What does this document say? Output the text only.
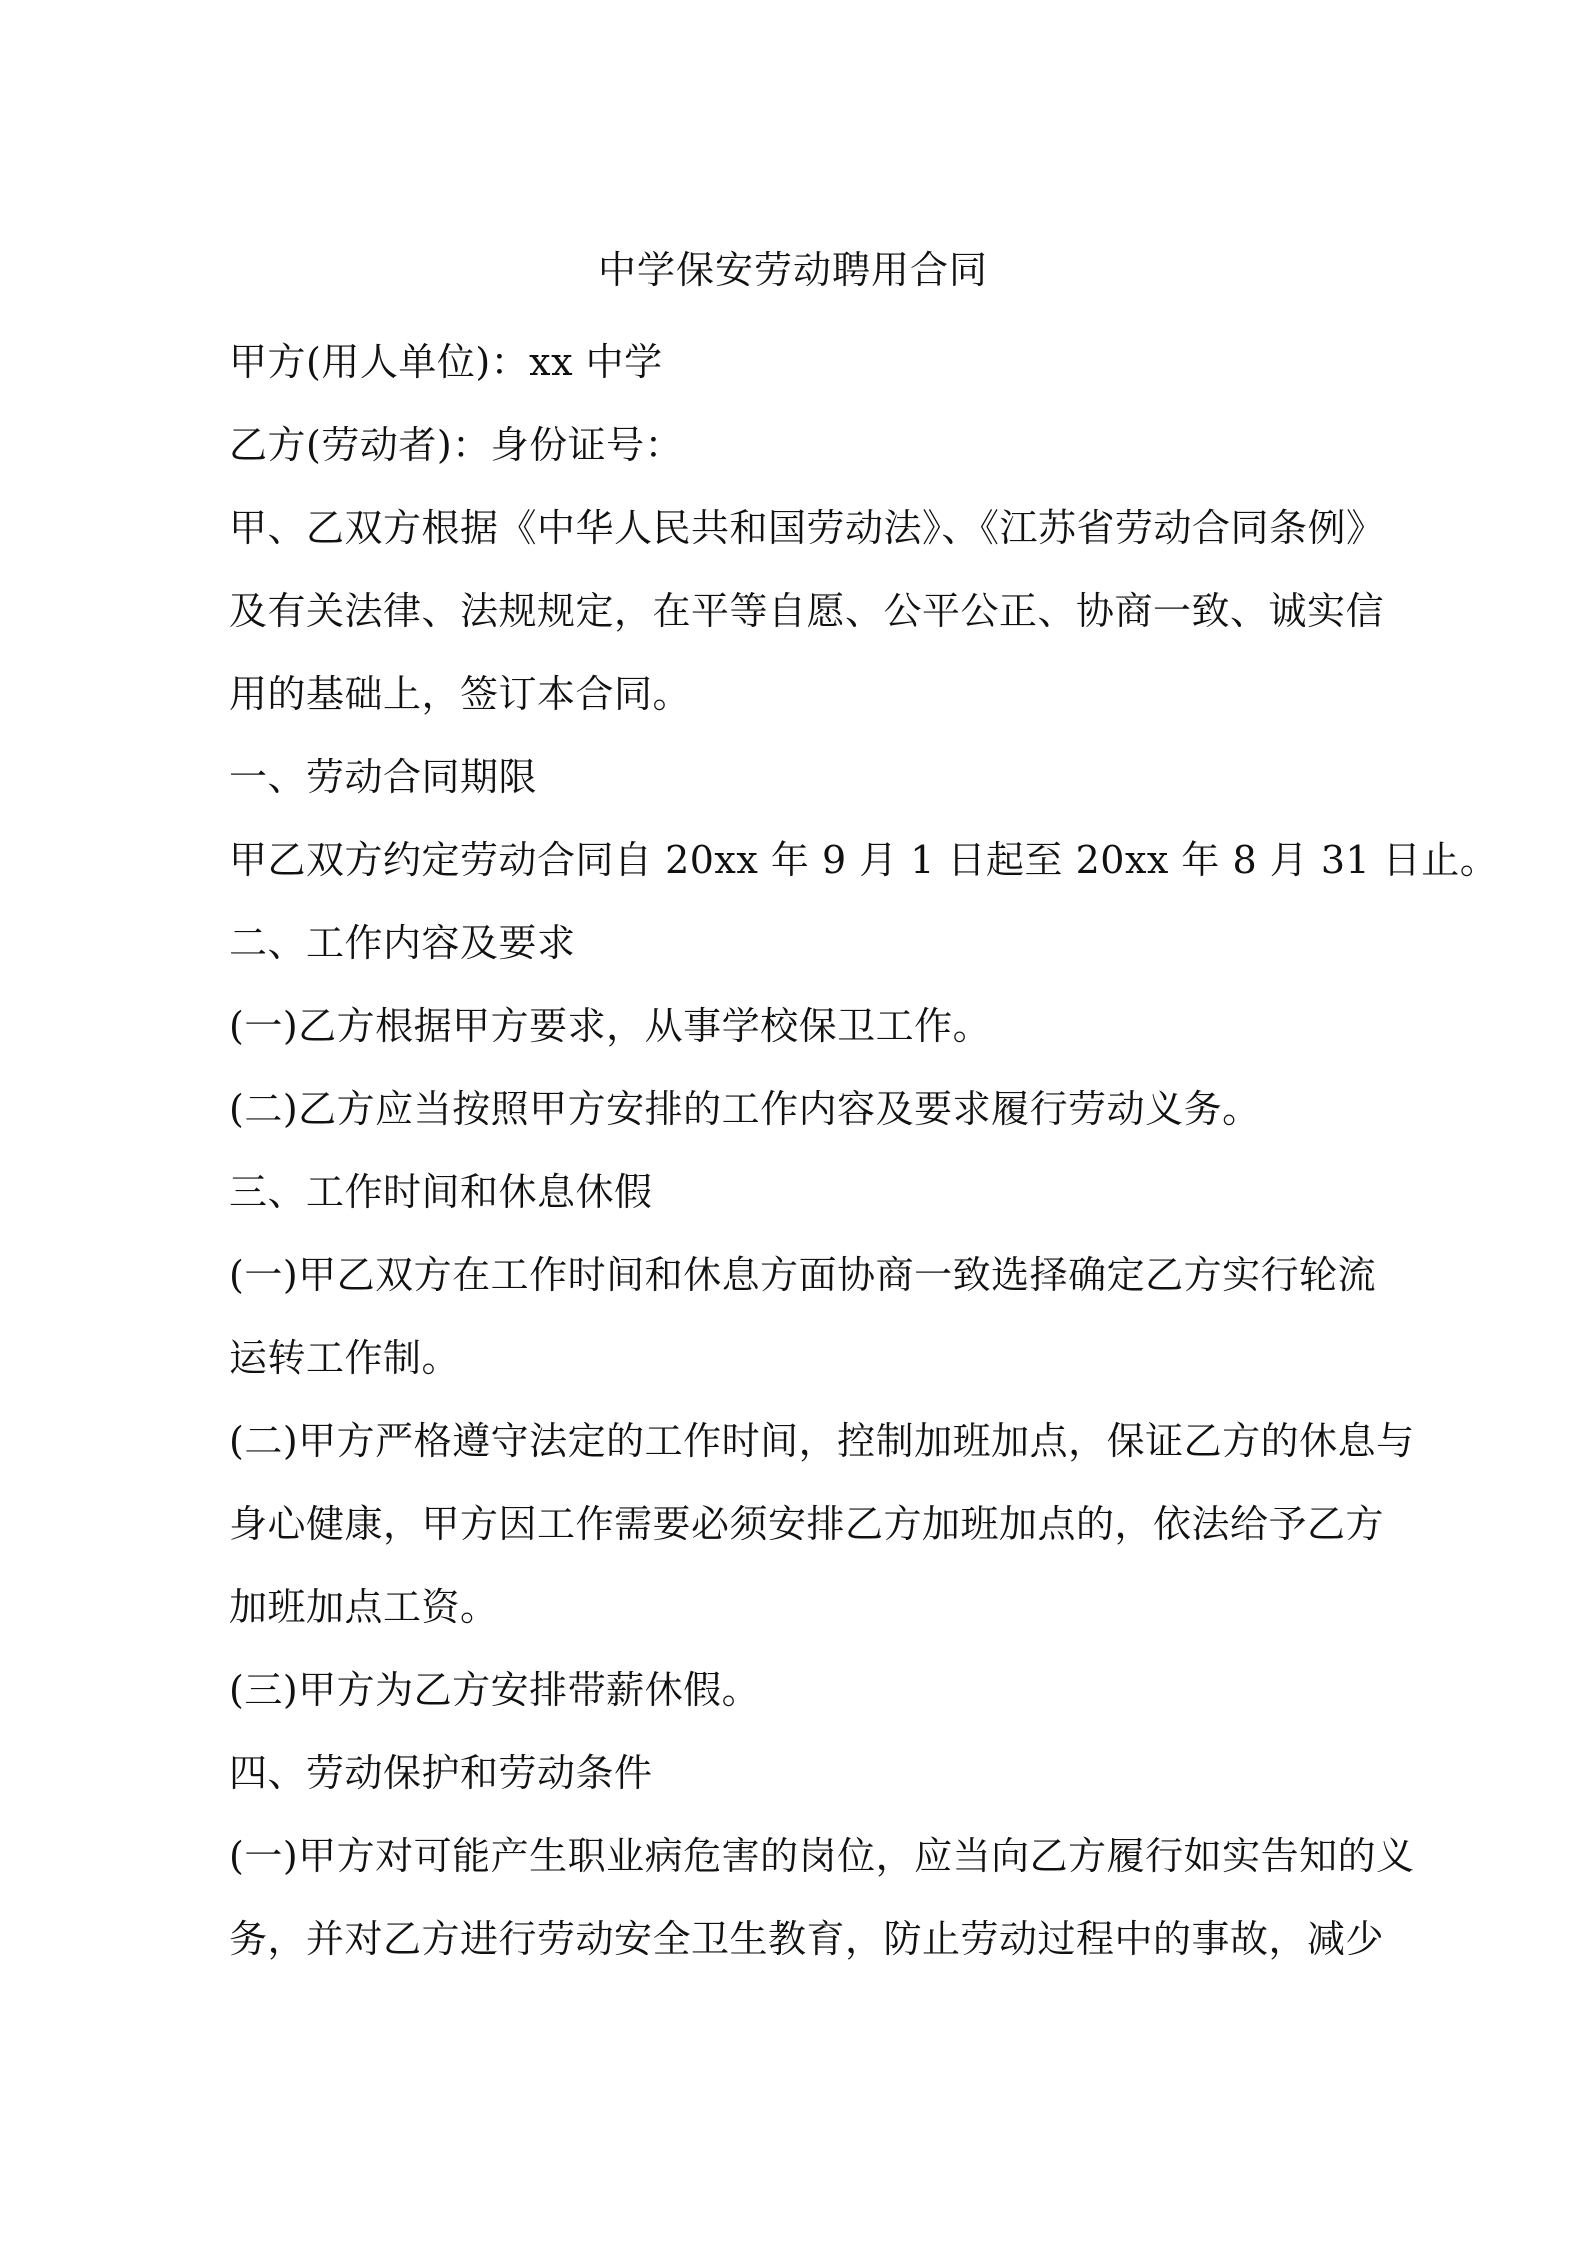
中学保安劳动聘用合同
甲方(用人单位)：xx 中学
乙方(劳动者)：身份证号：
甲、乙双方根据《中华人民共和国劳动法》、《江苏省劳动合同条例》
及有关法律、法规规定，在平等自愿、公平公正、协商一致、诚实信
用的基础上，签订本合同。
一、劳动合同期限
甲乙双方约定劳动合同自 20xx 年 9 月 1 日起至 20xx 年 8 月 31 日止。
二、工作内容及要求
(一)乙方根据甲方要求，从事学校保卫工作。
(二)乙方应当按照甲方安排的工作内容及要求履行劳动义务。
三、工作时间和休息休假
(一)甲乙双方在工作时间和休息方面协商一致选择确定乙方实行轮流
运转工作制。
(二)甲方严格遵守法定的工作时间，控制加班加点，保证乙方的休息与
身心健康，甲方因工作需要必须安排乙方加班加点的，依法给予乙方
加班加点工资。
(三)甲方为乙方安排带薪休假。
四、劳动保护和劳动条件
(一)甲方对可能产生职业病危害的岗位，应当向乙方履行如实告知的义
务，并对乙方进行劳动安全卫生教育，防止劳动过程中的事故，减少
